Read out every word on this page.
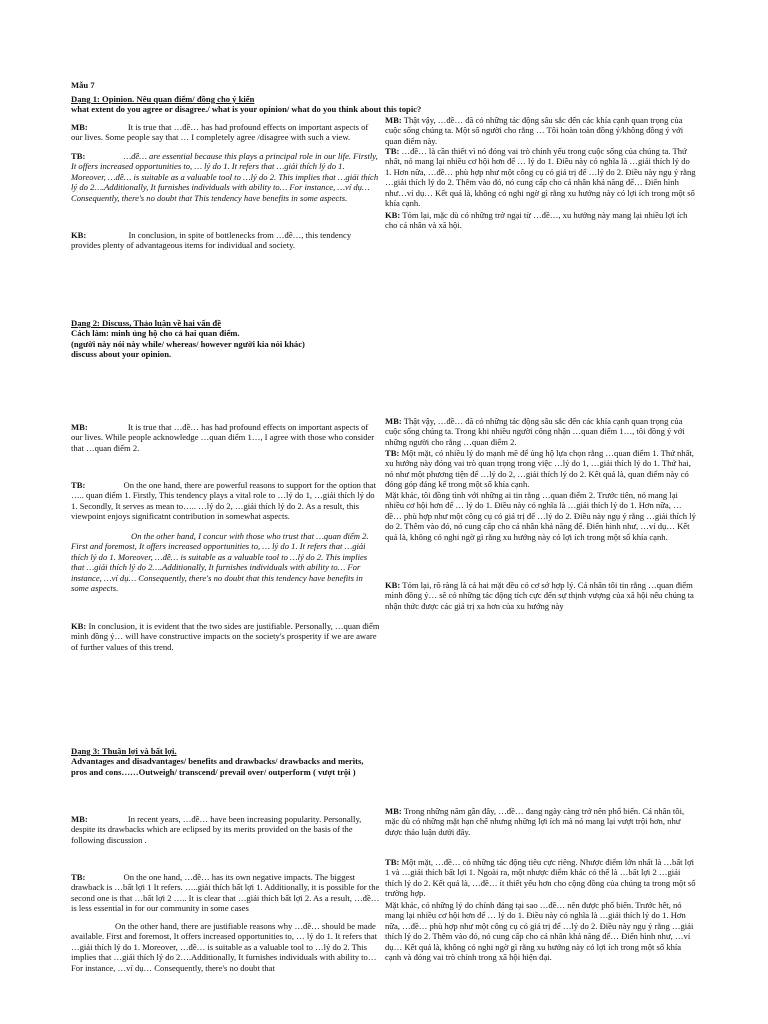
Mẫu 7
Dạng 1: Opinion. Nêu quan điểm/ đồng cho ý kiến
what extent do you agree or disagree./ what is your opinion/ what do you think about this topic?
MB:	It is true that …đề… has had profound effects on important aspects of our lives. Some people say that … I completely agree /disagree with such a view.
TB:	…đề… are essential because this plays a principal role in our life. Firstly, It offers increased opportunities to, … lý do 1. It refers that …giải thích lý do 1. Moreover, …đề… is suitable as a valuable tool to …lý do 2. This implies that …giải thích lý do 2….Additionally, It furnishes individuals with ability to… For instance, …ví dụ… Consequently, there's no doubt that This tendency have benefits in some aspects.
KB:	In conclusion, in spite of bottlenecks from …đề…, this tendency provides plenty of advantageous items for individual and society.
MB: Thật vậy, …đề… đã có những tác động sâu sắc đến các khía cạnh quan trọng của cuộc sống chúng ta. Một số người cho rằng … Tôi hoàn toàn đồng ý/không đồng ý với quan điểm này.
TB: …đề… là cần thiết vì nó đóng vai trò chính yếu trong cuộc sống của chúng ta. Thứ nhất, nó mang lại nhiều cơ hội hơn để … lý do 1. Điều này có nghĩa là …giải thích lý do 1. Hơn nữa, …đề… phù hợp như một công cụ có giá trị để …lý do 2. Điều này ngụ ý rằng …giải thích lý do 2. Thêm vào đó, nó cung cấp cho cá nhân khả năng để… Điển hình như…ví dụ… Kết quả là, không có nghi ngờ gì rằng xu hướng này có lợi ích trong một số khía cạnh.
KB: Tóm lại, mặc dù có những trở ngại từ …đề…, xu hướng này mang lại nhiều lợi ích cho cá nhân và xã hội.

Dạng 2: Discuss, Thảo luận về hai vấn đề

Cách làm: minh ủng hộ cho cả hai quan điểm.

(người này nói này while/ whereas/ however người kia nói khác)

discuss about your opinion.

MB:	It is true that …đề… has had profound effects on important aspects of our lives. While people acknowledge …quan điểm 1…, I agree with those who consider that …quan điểm 2.
TB:	On the one hand, there are powerful reasons to support for the option that ….. quan điểm 1. Firstly, This tendency plays a vital role to …lý do 1, …giải thích lý do 1. Secondly, It serves as mean to….. …lý do 2, …giải thích lý do 2. As a result, this viewpoint enjoys significatnt contribution in somewhat aspects.
On the other hand, I concur with those who trust that …quan điểm 2. First and foremost, It offers increased opportunities to, … lý do 1. It refers that …giải thích lý do 1. Moreover, …đề… is suitable as a valuable tool to …lý do 2. This implies that …giải thích lý do 2….Additionally, It furnishes individuals with ability to… For instance, …ví dụ… Consequently, there's no doubt that this tendency have benefits in some aspects.
KB: In conclusion, it is evident that the two sides are justifiable. Personally, …quan điểm mình đồng ý… will have constructive impacts on the society's prosperity if we are aware of further values of this trend.
MB: Thật vậy, …đề… đã có những tác động sâu sắc đến các khía cạnh quan trọng của cuộc sống chúng ta. Trong khi nhiều người công nhận …quan điểm 1…, tôi đồng ý với những người cho rằng …quan điểm 2.
TB: Một mặt, có nhiều lý do mạnh mẽ để ủng hộ lựa chọn rằng …quan điểm 1. Thứ nhất, xu hướng này đóng vai trò quan trọng trong việc …lý do 1, …giải thích lý do 1. Thứ hai, nó như một phương tiện để …lý do 2, …giải thích lý do 2. Kết quả là, quan điểm này có đóng góp đáng kể trong một số khía cạnh.
Mặt khác, tôi đồng tình với những ai tin rằng …quan điểm 2. Trước tiên, nó mang lại nhiều cơ hội hơn để … lý do 1. Điều này có nghĩa là …giải thích lý do 1. Hơn nữa, …đề… phù hợp như một công cụ có giá trị để …lý do 2. Điều này ngụ ý rằng …giải thích lý do 2. Thêm vào đó, nó cung cấp cho cá nhân khả năng để. Điển hình như, …ví dụ… Kết quả là, không có nghi ngờ gì rằng xu hướng này có lợi ích trong một số khía cạnh.
KB: Tóm lại, rõ ràng là cả hai mặt đều có cơ sở hợp lý. Cá nhân tôi tin rằng …quan điểm mình đồng ý… sẽ có những tác động tích cực đến sự thịnh vượng của xã hội nếu chúng ta nhận thức được các giá trị xa hơn của xu hướng này

Dạng 3: Thuận lợi và bất lợi.

Advantages and disadvantages/ benefits and drawbacks/ drawbacks and merits, pros and cons……Outweigh/ transcend/ prevail over/ outperform ( vượt trội )

MB:	In recent years, …đề… have been increasing popularity. Personally, despite its drawbacks which are eclipsed by its merits provided on the basis of the following discussion .
TB:	On the one hand, …đề… has its own negative impacts. The biggest drawback is …bất lợi 1 It refers. …..giải thích bất lợi 1. Additionally, it is possible for the second one is that …bất lợi 2 ….. It is clear that …giải thích bất lợi 2. As a result, …đề… is less essential in for our community in some cases
On the other hand, there are justifiable reasons why …đề… should be made available. First and foremost, It offers increased opportunities to, … lý do 1. It refers that …giải thích lý do 1. Moreover, …đề… is suitable as a valuable tool to …lý do 2. This implies that …giải thích lý do 2….Additionally, It furnishes individuals with ability to… For instance, …ví dụ… Consequently, there's no doubt that
MB: Trong những năm gần đây, …đề… đang ngày càng trở nên phổ biến. Cá nhân tôi, mặc dù có những mặt hạn chế nhưng những lợi ích mà nó mang lại vượt trội hơn, như được thảo luận dưới đây.
TB: Một mặt, …đề… có những tác động tiêu cực riêng. Nhược điểm lớn nhất là …bất lợi 1 và …giải thích bất lợi 1. Ngoài ra, một nhược điểm khác có thể là …bất lợi 2 …giải thích lý do 2. Kết quả là, …đề… ít thiết yếu hơn cho cộng đồng của chúng ta trong một số trường hợp.
Mặt khác, có những lý do chính đáng tại sao …đề… nên được phổ biến. Trước hết, nó mang lại nhiều cơ hội hơn để … lý do 1. Điều này có nghĩa là …giải thích lý do 1. Hơn nữa, …đề… phù hợp như một công cụ có giá trị để …lý do 2. Điều này ngụ ý rằng …giải thích lý do 2. Thêm vào đó, nó cung cấp cho cá nhân khả năng để… Điển hình như, …ví dụ… Kết quả là, không có nghi ngờ gì rằng xu hướng này có lợi ích trong một số khía cạnh và đóng vai trò chính trong xã hội hiện đại.
